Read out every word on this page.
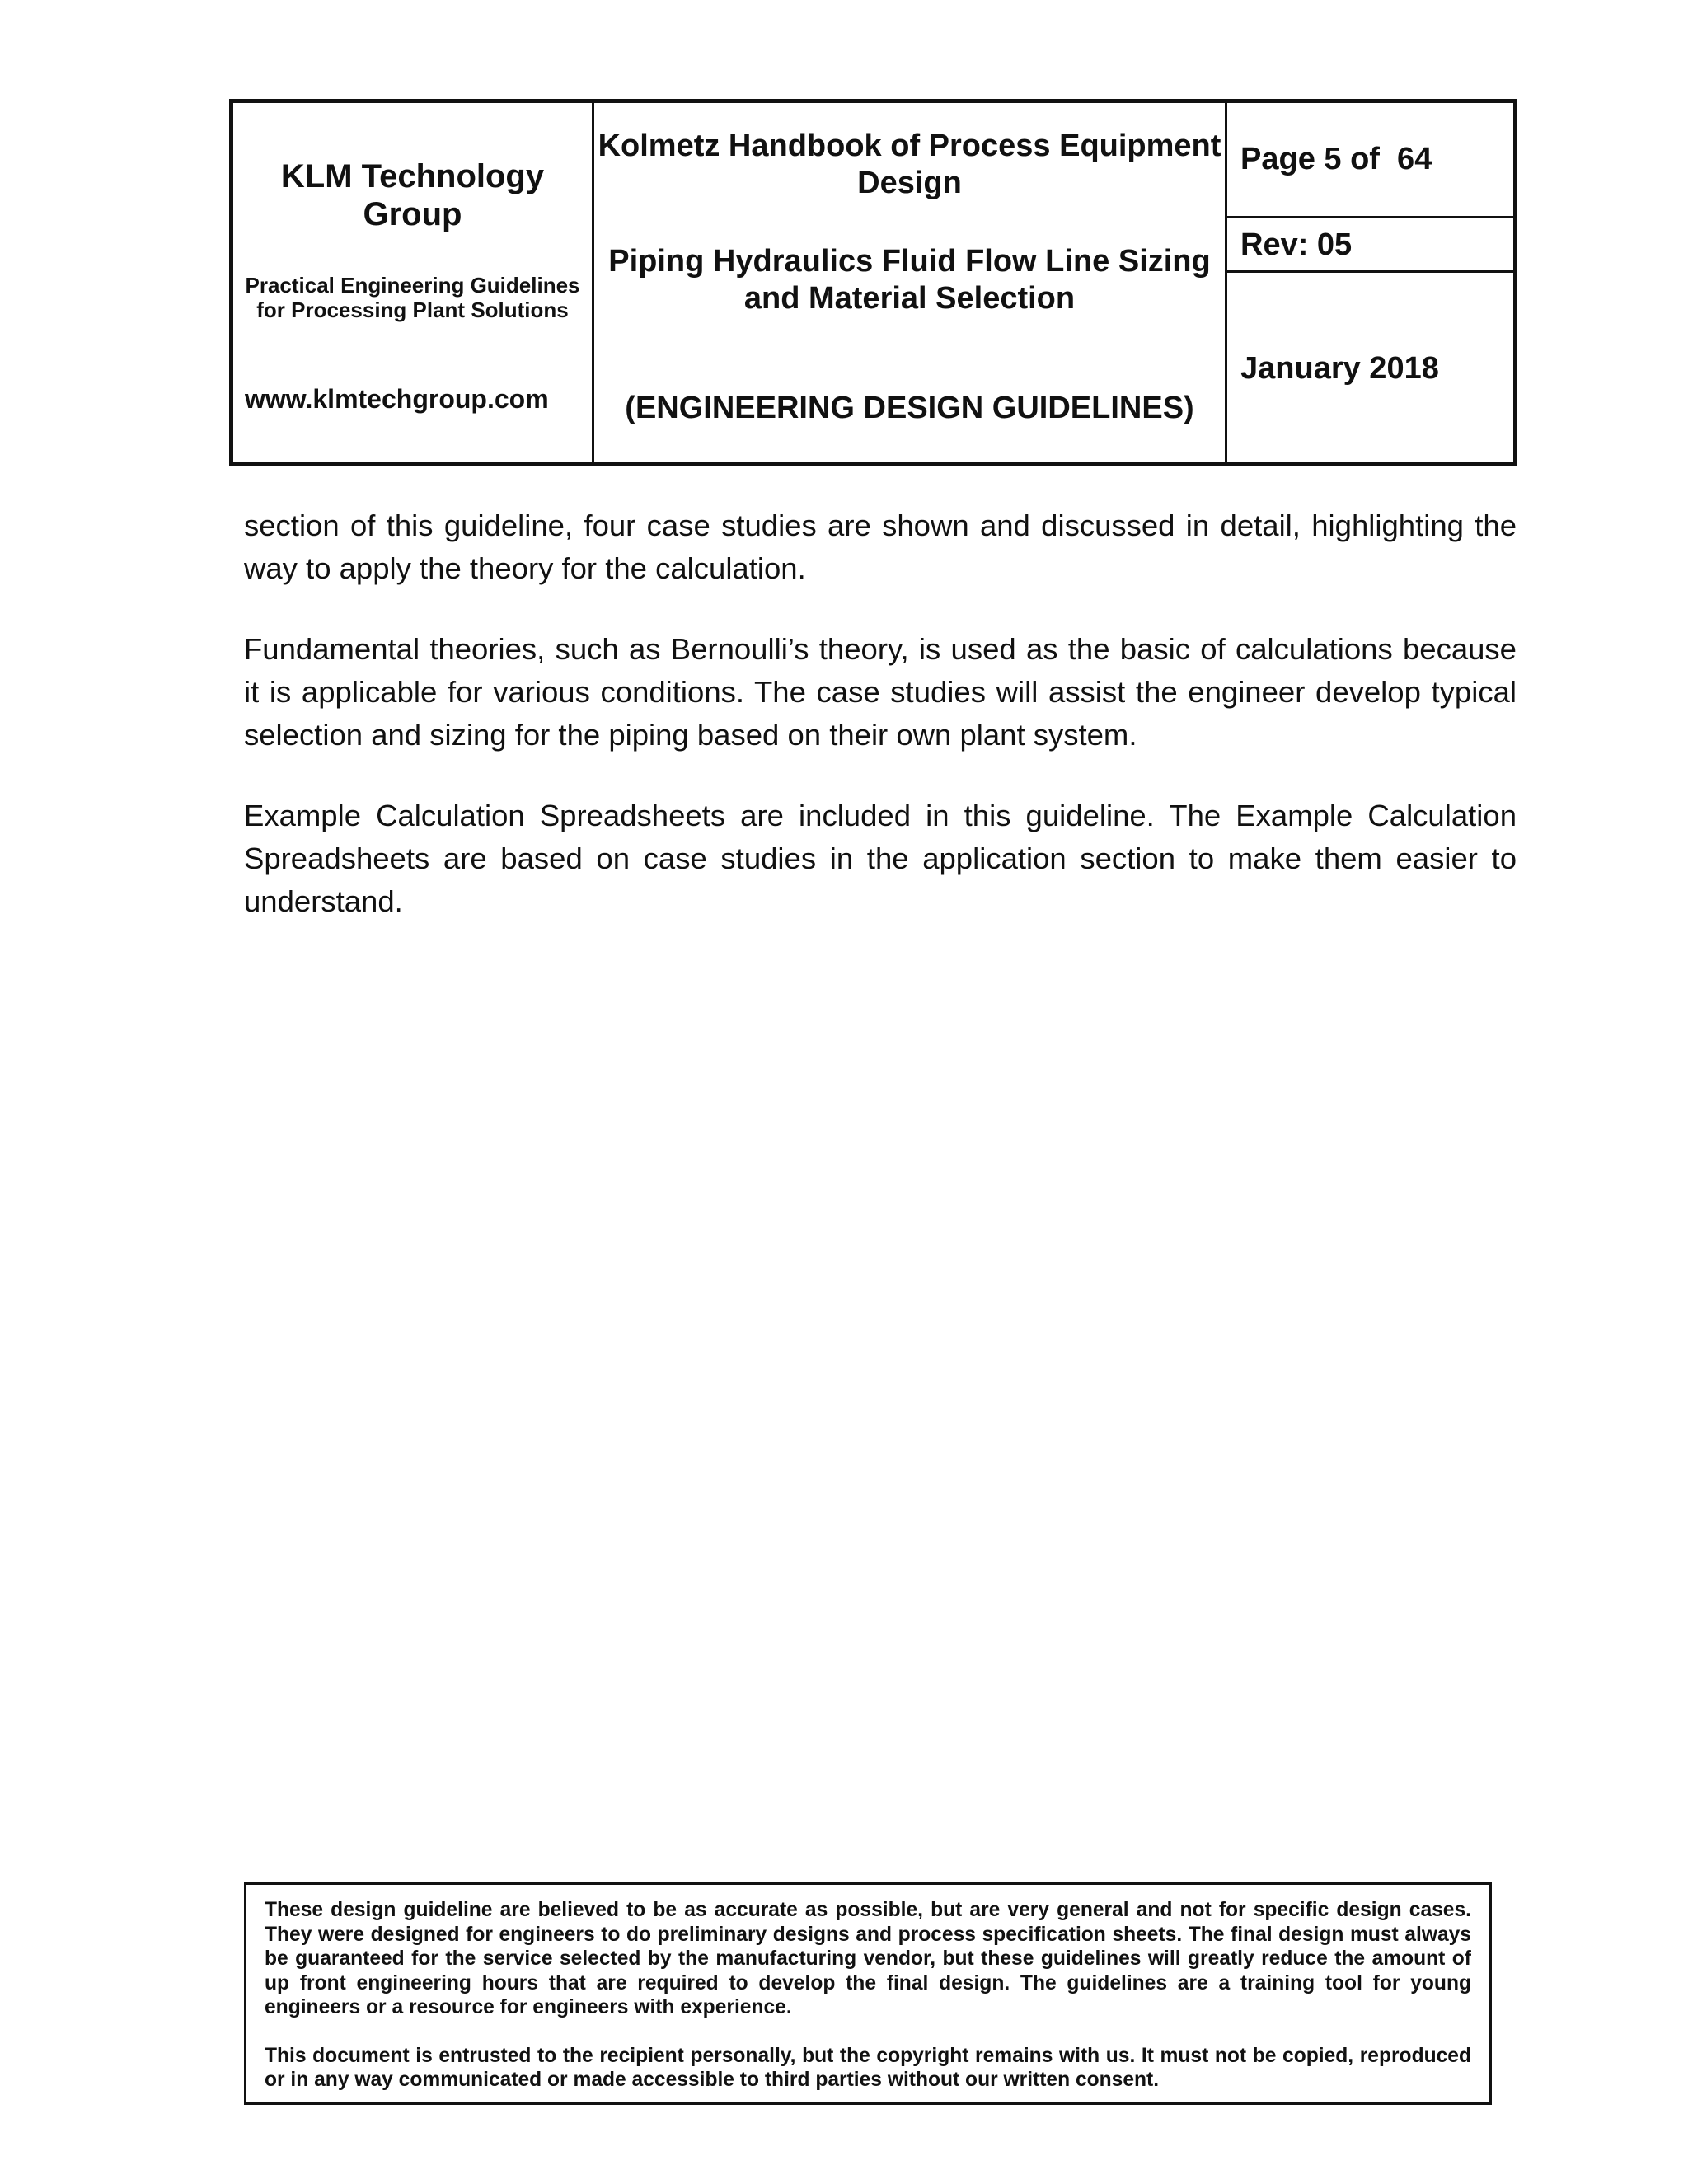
KLM Technology Group
Practical Engineering Guidelines for Processing Plant Solutions
www.klmtechgroup.com
Kolmetz Handbook of Process Equipment Design
Piping Hydraulics Fluid Flow Line Sizing and Material Selection
(ENGINEERING DESIGN GUIDELINES)
Page 5 of  64
Rev: 05
January 2018

section of this guideline, four case studies are shown and discussed in detail, highlighting the way to apply the theory for the calculation.

Fundamental theories, such as Bernoulli’s theory, is used as the basic of calculations because it is applicable for various conditions. The case studies will assist the engineer develop typical selection and sizing for the piping based on their own plant system.

Example Calculation Spreadsheets are included in this guideline. The Example Calculation Spreadsheets are based on case studies in the application section to make them easier to understand.

These design guideline are believed to be as accurate as possible, but are very general and not for specific design cases. They were designed for engineers to do preliminary designs and process specification sheets. The final design must always be guaranteed for the service selected by the manufacturing vendor, but these guidelines will greatly reduce the amount of up front engineering hours that are required to develop the final design. The guidelines are a training tool for young engineers or a resource for engineers with experience.

This document is entrusted to the recipient personally, but the copyright remains with us. It must not be copied, reproduced or in any way communicated or made accessible to third parties without our written consent.
